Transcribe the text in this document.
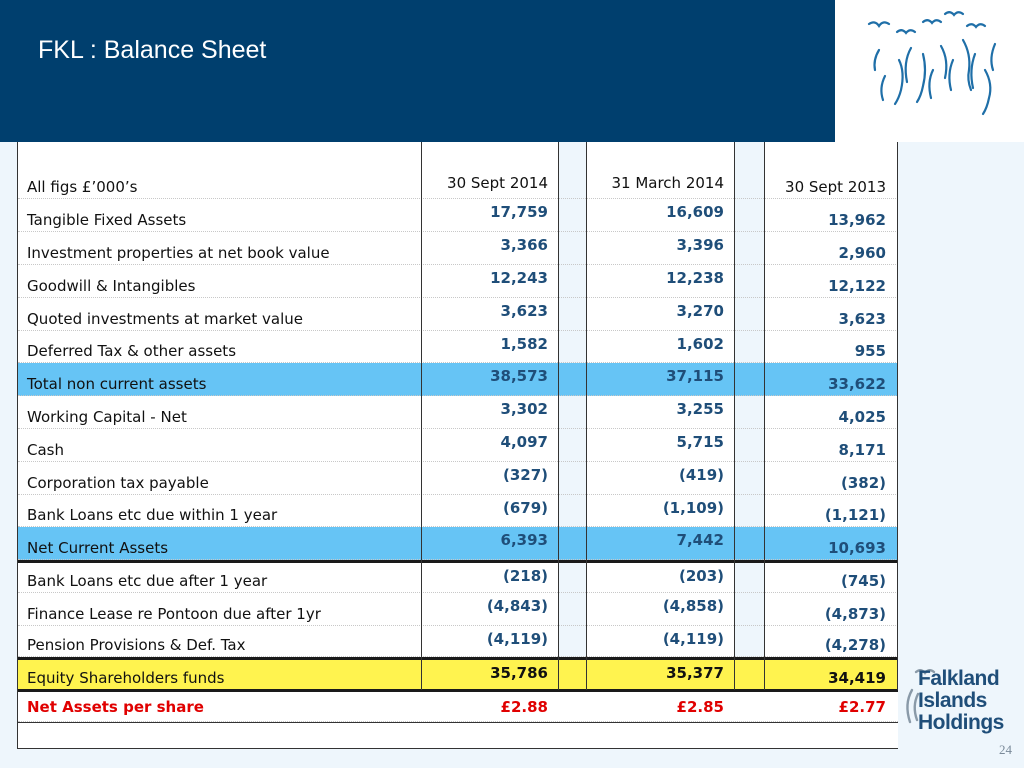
FKL : Balance Sheet
All figs £’000’s	30 Sept 2014	31 March 2014	30 Sept 2013
Tangible Fixed Assets	17,759	16,609	13,962
Investment properties at net book value	3,366	3,396	2,960
Goodwill & Intangibles	12,243	12,238	12,122
Quoted investments at market value	3,623	3,270	3,623
Deferred Tax & other assets	1,582	1,602	955
Total non current assets	38,573	37,115	33,622
Working Capital - Net	3,302	3,255	4,025
Cash	4,097	5,715	8,171
Corporation tax payable	(327)	(419)	(382)
Bank Loans etc due within 1 year	(679)	(1,109)	(1,121)
Net Current Assets	6,393	7,442	10,693
Bank Loans etc due after 1 year	(218)	(203)	(745)
Finance Lease re Pontoon due after 1yr	(4,843)	(4,858)	(4,873)
Pension Provisions & Def. Tax	(4,119)	(4,119)	(4,278)
Equity Shareholders funds	35,786	35,377	34,419
Net Assets per share	£2.88	£2.85	£2.77
Falkland
Islands
Holdings
24
